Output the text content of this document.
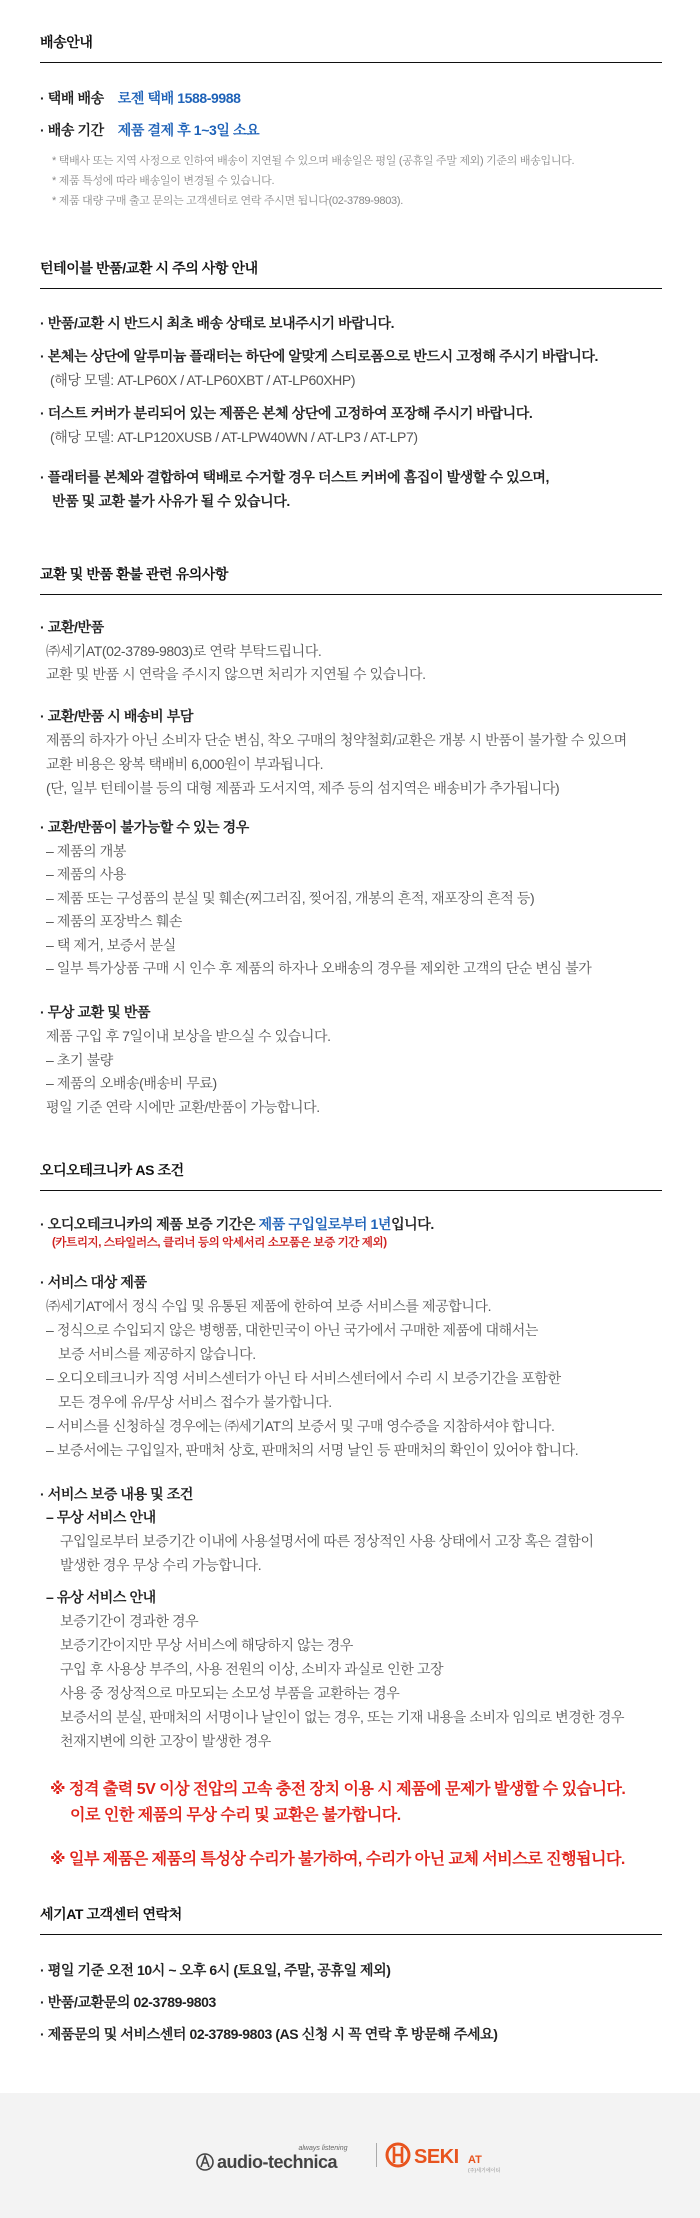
배송안내
· 택배 배송 로젠 택배 1588-9988
· 배송 기간 제품 결제 후 1~3일 소요
* 택배사 또는 지역 사정으로 인하여 배송이 지연될 수 있으며 배송일은 평일 (공휴일 주말 제외) 기준의 배송입니다.
* 제품 특성에 따라 배송일이 변경될 수 있습니다.
* 제품 대량 구매 출고 문의는 고객센터로 연락 주시면 됩니다(02-3789-9803).
턴테이블 반품/교환 시 주의 사항 안내
· 반품/교환 시 반드시 최초 배송 상태로 보내주시기 바랍니다.
· 본체는 상단에 알루미늄 플래터는 하단에 알맞게 스티로폼으로 반드시 고정해 주시기 바랍니다.
(해당 모델: AT-LP60X / AT-LP60XBT / AT-LP60XHP)
· 더스트 커버가 분리되어 있는 제품은 본체 상단에 고정하여 포장해 주시기 바랍니다.
(해당 모델: AT-LP120XUSB / AT-LPW40WN / AT-LP3 / AT-LP7)
· 플래터를 본체와 결합하여 택배로 수거할 경우 더스트 커버에 흠집이 발생할 수 있으며,
반품 및 교환 불가 사유가 될 수 있습니다.
교환 및 반품 환불 관련 유의사항
· 교환/반품
㈜세기AT(02-3789-9803)로 연락 부탁드립니다.
교환 및 반품 시 연락을 주시지 않으면 처리가 지연될 수 있습니다.
· 교환/반품 시 배송비 부담
제품의 하자가 아닌 소비자 단순 변심, 착오 구매의 청약철회/교환은 개봉 시 반품이 불가할 수 있으며
교환 비용은 왕복 택배비 6,000원이 부과됩니다.
(단, 일부 턴테이블 등의 대형 제품과 도서지역, 제주 등의 섬지역은 배송비가 추가됩니다)
· 교환/반품이 불가능할 수 있는 경우
– 제품의 개봉
– 제품의 사용
– 제품 또는 구성품의 분실 및 훼손(찌그러짐, 찢어짐, 개봉의 흔적, 재포장의 흔적 등)
– 제품의 포장박스 훼손
– 택 제거, 보증서 분실
– 일부 특가상품 구매 시 인수 후 제품의 하자나 오배송의 경우를 제외한 고객의 단순 변심 불가
· 무상 교환 및 반품
제품 구입 후 7일이내 보상을 받으실 수 있습니다.
– 초기 불량
– 제품의 오배송(배송비 무료)
평일 기준 연락 시에만 교환/반품이 가능합니다.
오디오테크니카 AS 조건
· 오디오테크니카의 제품 보증 기간은 제품 구입일로부터 1년입니다.
(카트리지, 스타일러스, 클리너 등의 악세서리 소모품은 보증 기간 제외)
· 서비스 대상 제품
㈜세기AT에서 정식 수입 및 유통된 제품에 한하여 보증 서비스를 제공합니다.
– 정식으로 수입되지 않은 병행품, 대한민국이 아닌 국가에서 구매한 제품에 대해서는
보증 서비스를 제공하지 않습니다.
– 오디오테크니카 직영 서비스센터가 아닌 타 서비스센터에서 수리 시 보증기간을 포함한
모든 경우에 유/무상 서비스 접수가 불가합니다.
– 서비스를 신청하실 경우에는 ㈜세기AT의 보증서 및 구매 영수증을 지참하셔야 합니다.
– 보증서에는 구입일자, 판매처 상호, 판매처의 서명 날인 등 판매처의 확인이 있어야 합니다.
· 서비스 보증 내용 및 조건
– 무상 서비스 안내
구입일로부터 보증기간 이내에 사용설명서에 따른 정상적인 사용 상태에서 고장 혹은 결함이
발생한 경우 무상 수리 가능합니다.
– 유상 서비스 안내
보증기간이 경과한 경우
보증기간이지만 무상 서비스에 해당하지 않는 경우
구입 후 사용상 부주의, 사용 전원의 이상, 소비자 과실로 인한 고장
사용 중 정상적으로 마모되는 소모성 부품을 교환하는 경우
보증서의 분실, 판매처의 서명이나 날인이 없는 경우, 또는 기재 내용을 소비자 임의로 변경한 경우
천재지변에 의한 고장이 발생한 경우
※ 정격 출력 5V 이상 전압의 고속 충전 장치 이용 시 제품에 문제가 발생할 수 있습니다.
이로 인한 제품의 무상 수리 및 교환은 불가합니다.
※ 일부 제품은 제품의 특성상 수리가 불가하여, 수리가 아닌 교체 서비스로 진행됩니다.
세기AT 고객센터 연락처
· 평일 기준 오전 10시 ~ 오후 6시 (토요일, 주말, 공휴일 제외)
· 반품/교환문의 02-3789-9803
· 제품문의 및 서비스센터 02-3789-9803 (AS 신청 시 꼭 연락 후 방문해 주세요)
always listening
audio-technica	SEKI AT
(주)세기에이티
